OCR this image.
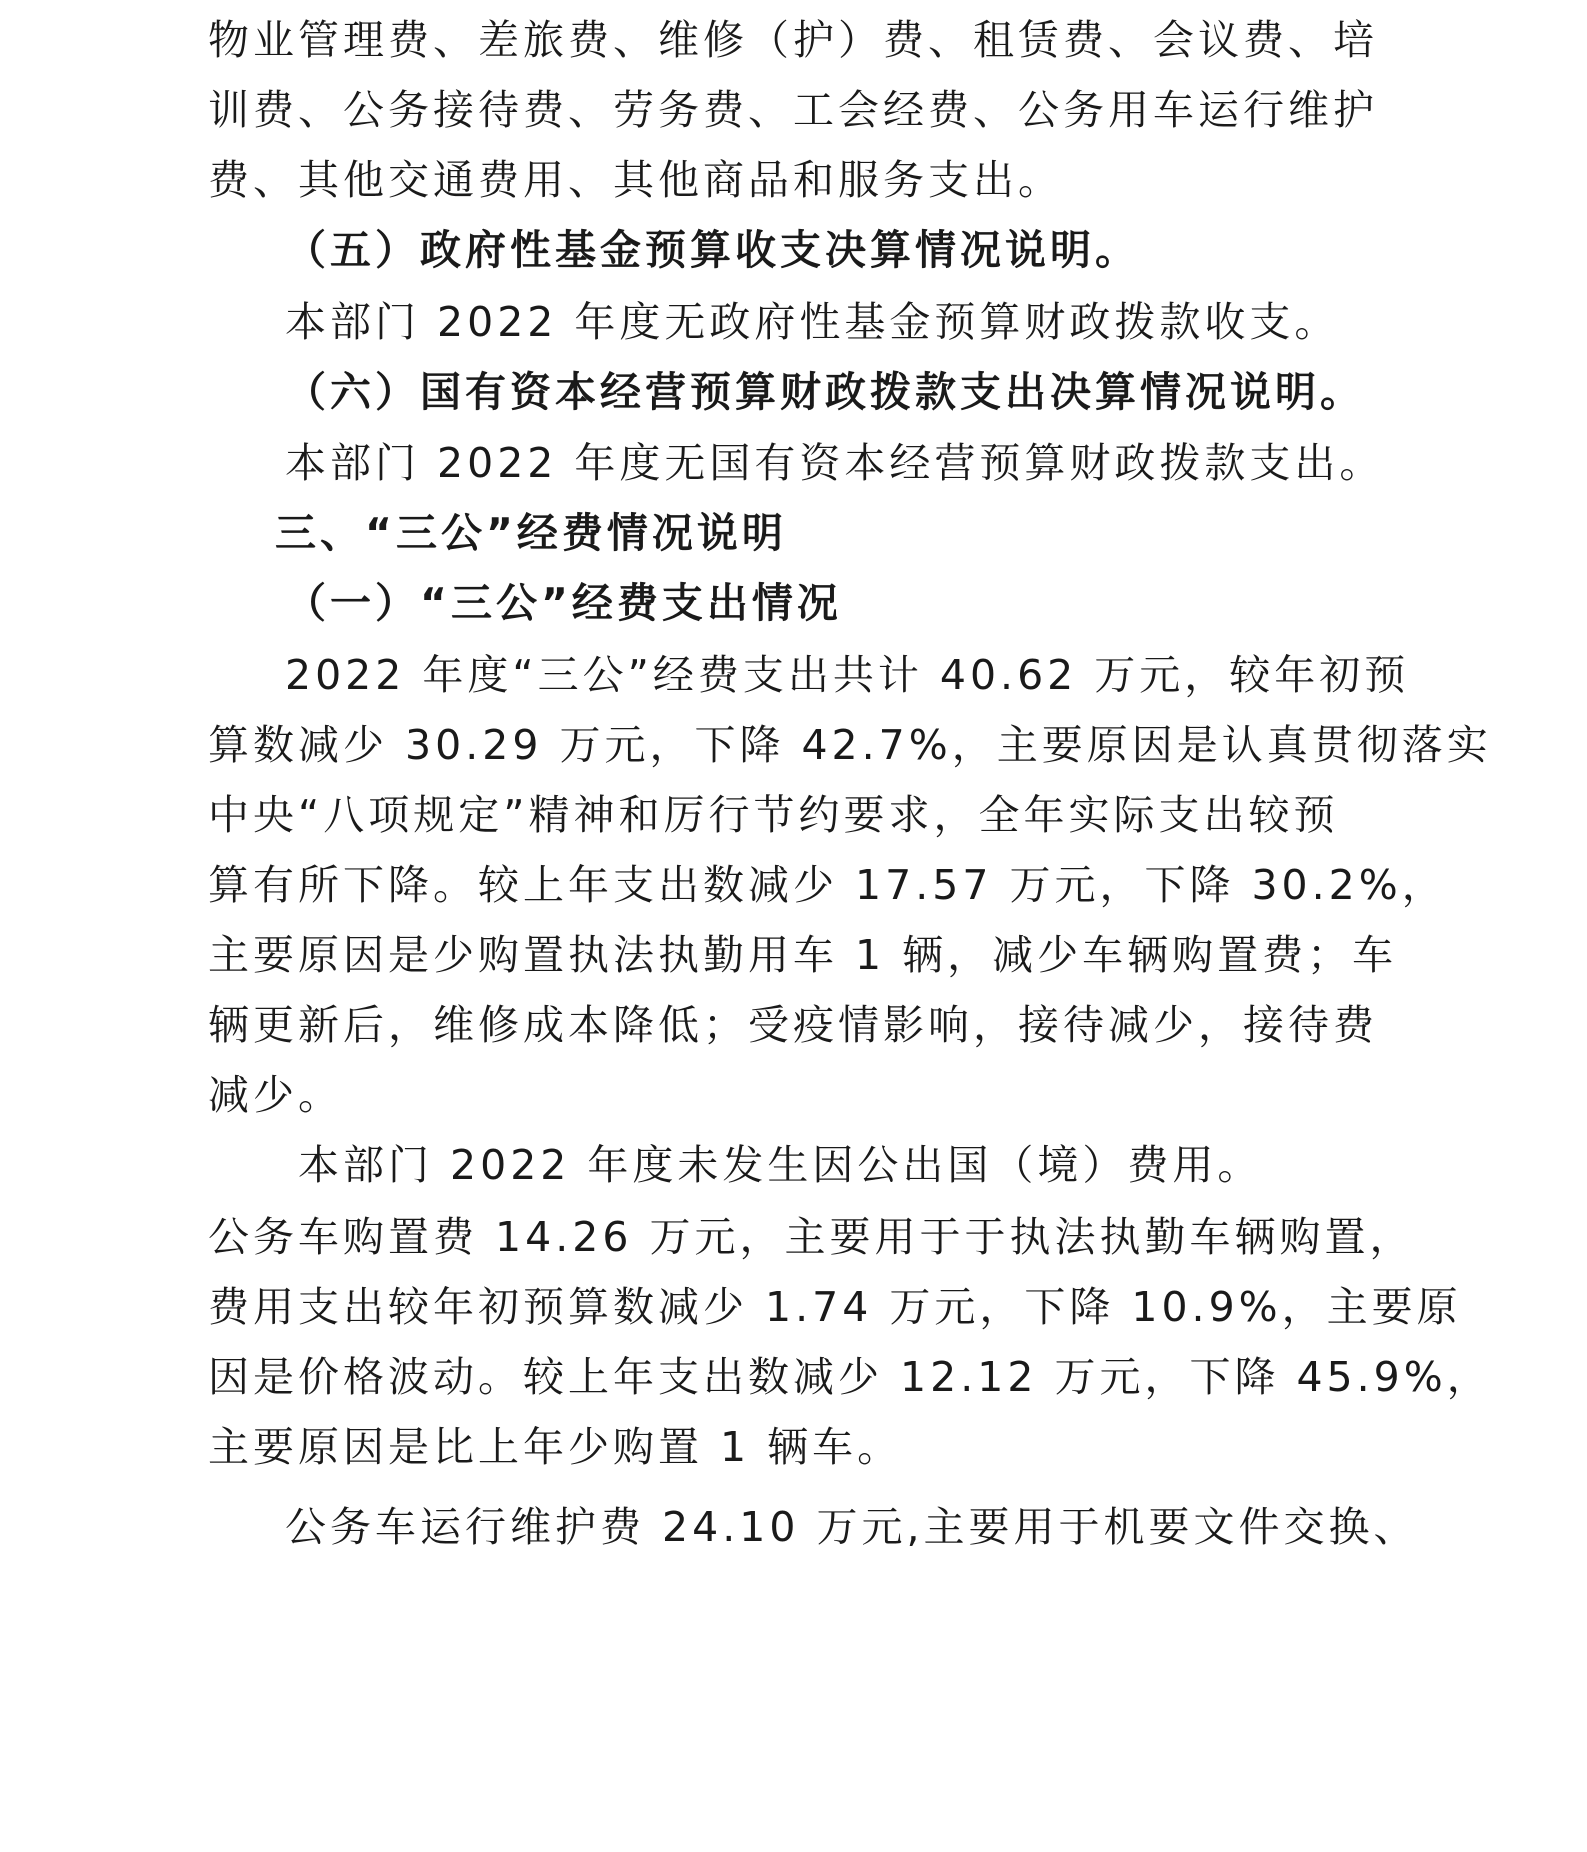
物业管理费、差旅费、维修（护）费、租赁费、会议费、培
训费、公务接待费、劳务费、工会经费、公务用车运行维护
费、其他交通费用、其他商品和服务支出。
（五）政府性基金预算收支决算情况说明。
本部门 2022 年度无政府性基金预算财政拨款收支。
（六）国有资本经营预算财政拨款支出决算情况说明。
本部门 2022 年度无国有资本经营预算财政拨款支出。
三、“三公”经费情况说明
（一）“三公”经费支出情况
2022 年度“三公”经费支出共计 40.62 万元，较年初预
算数减少 30.29 万元，下降 42.7%，主要原因是认真贯彻落实
中央“八项规定”精神和厉行节约要求，全年实际支出较预
算有所下降。较上年支出数减少 17.57 万元，下降 30.2%，
主要原因是少购置执法执勤用车 1 辆，减少车辆购置费；车
辆更新后，维修成本降低；受疫情影响，接待减少，接待费
减少。
本部门 2022 年度未发生因公出国（境）费用。
公务车购置费 14.26 万元，主要用于于执法执勤车辆购置，
费用支出较年初预算数减少 1.74 万元，下降 10.9%，主要原
因是价格波动。较上年支出数减少 12.12 万元，下降 45.9%，
主要原因是比上年少购置 1 辆车。
公务车运行维护费 24.10 万元,主要用于机要文件交换、
